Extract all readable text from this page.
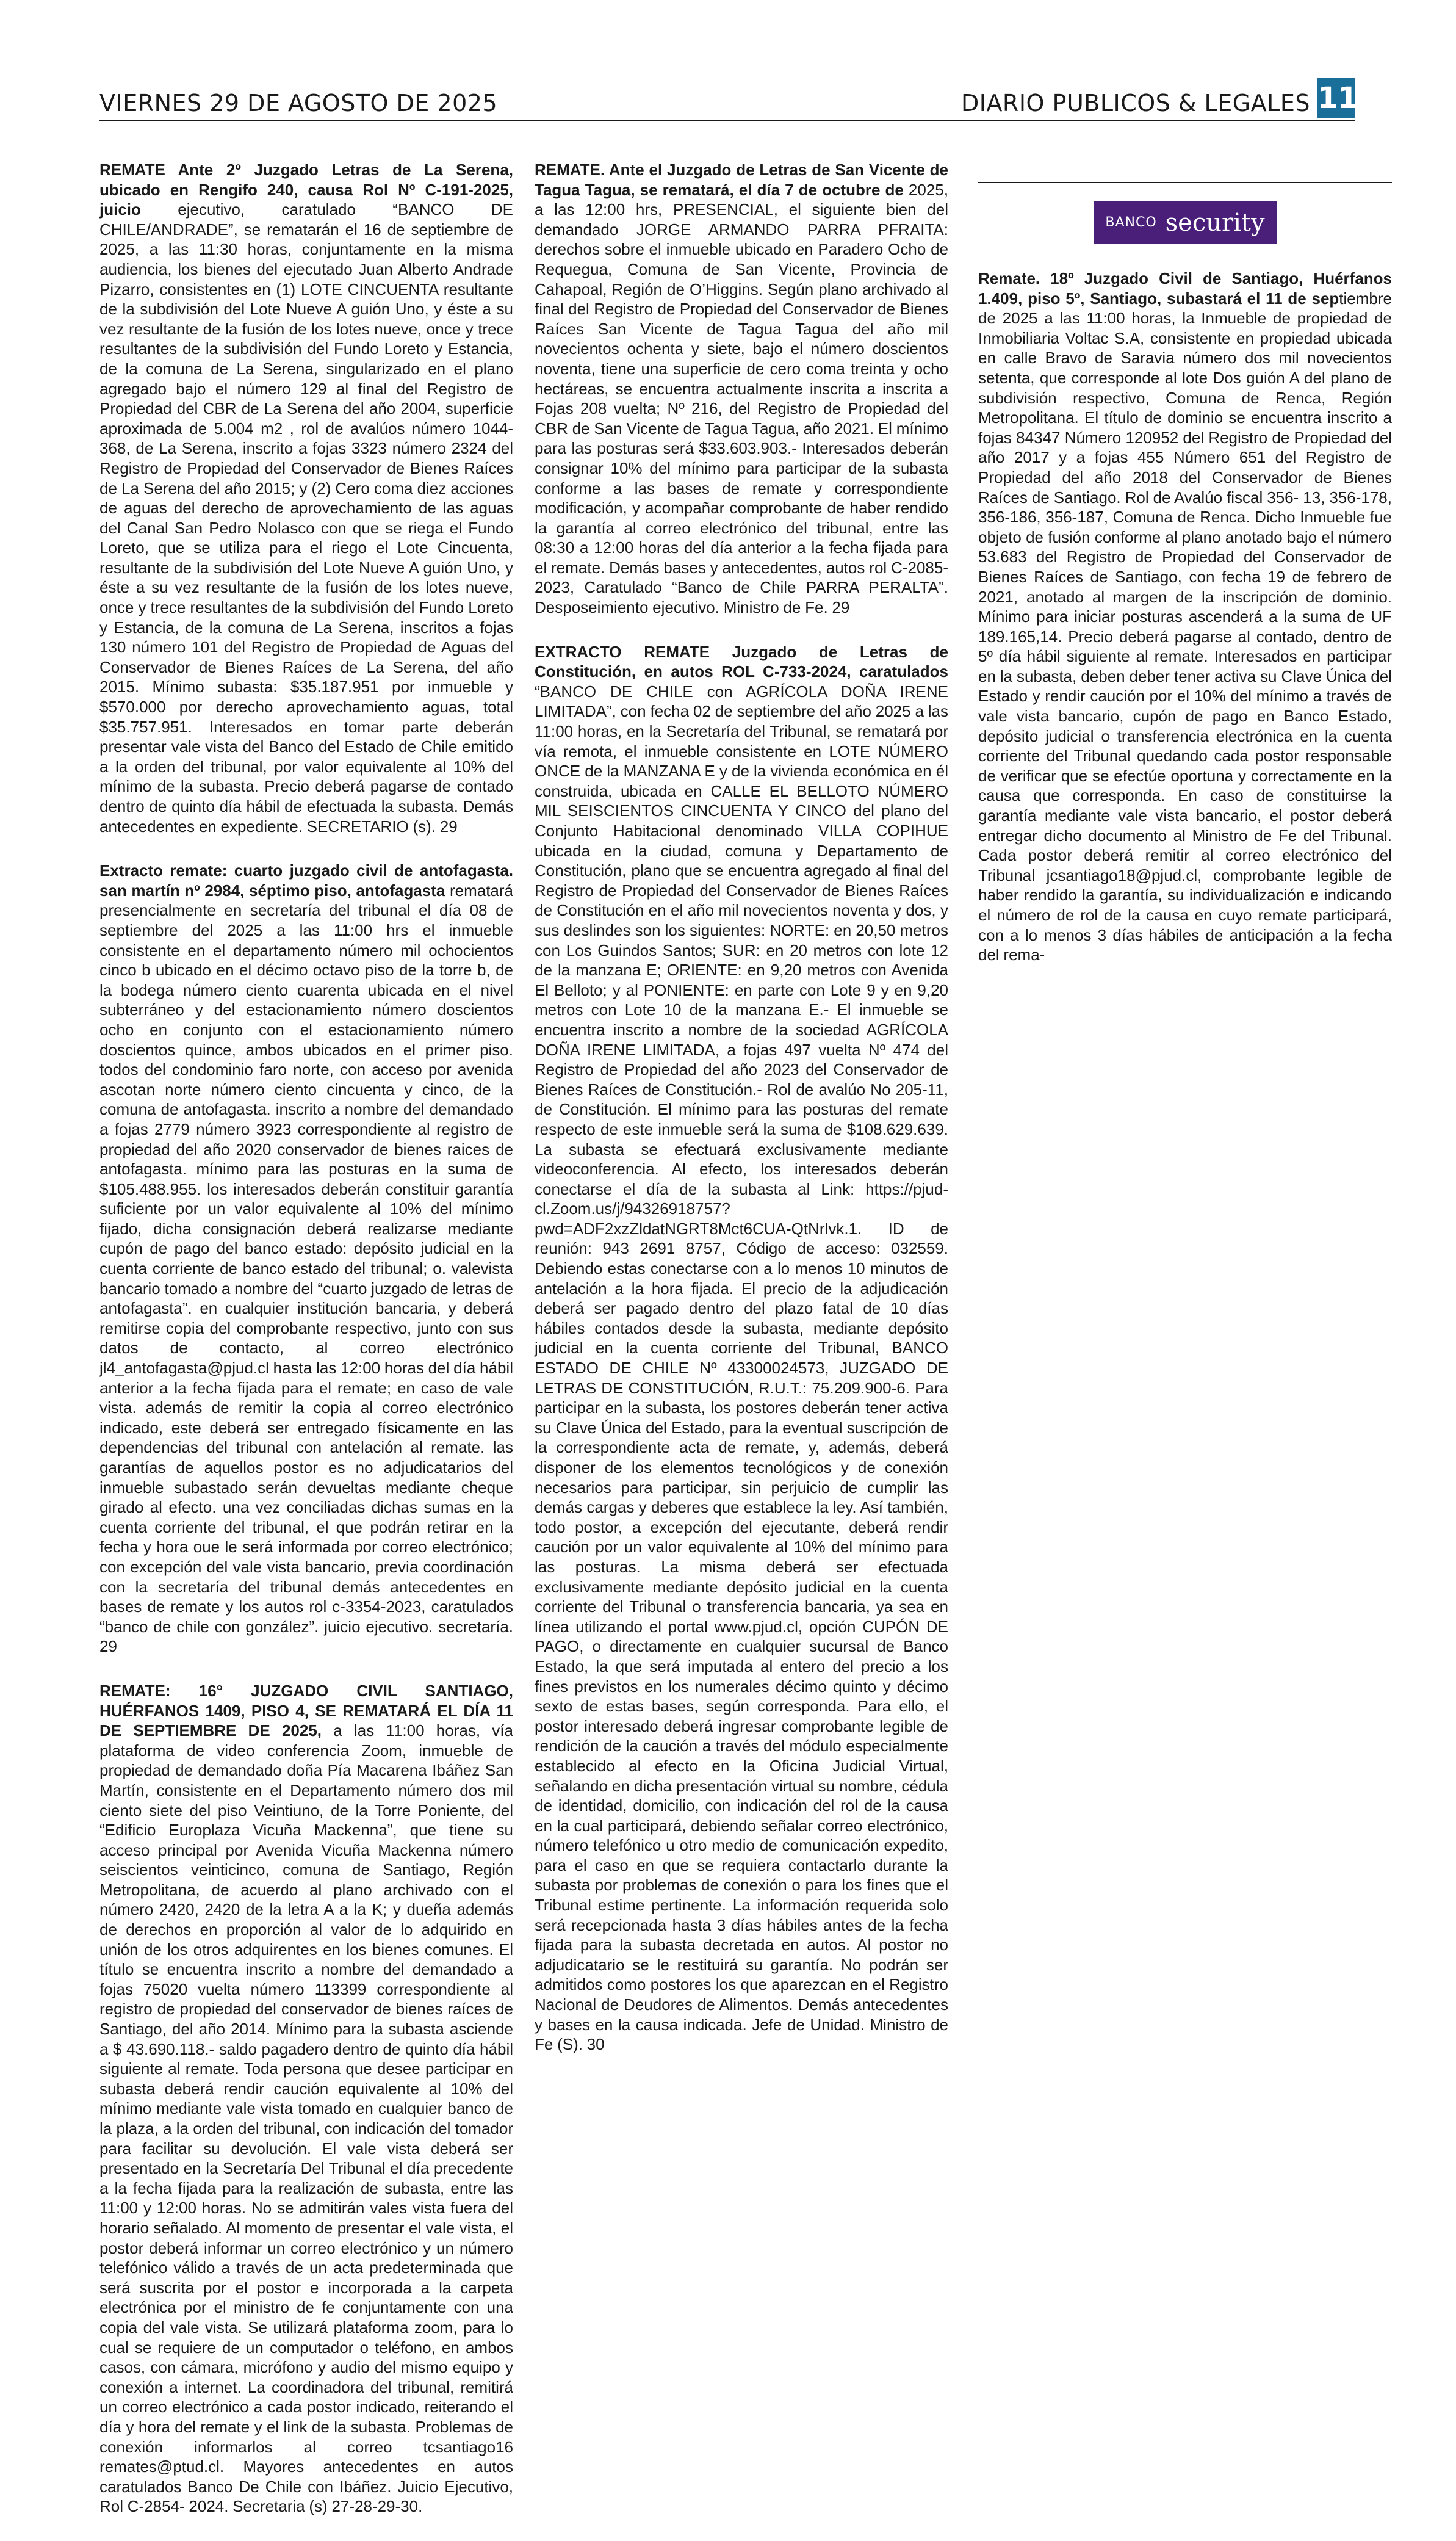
VIERNES 29 DE AGOSTO DE 2025	DIARIO PUBLICOS & LEGALES 11

REMATE Ante 2º Juzgado Letras de La Serena, ubicado en Rengifo 240, causa Rol Nº C-191-2025, juicio ejecutivo, caratulado “BANCO DE CHILE/ANDRADE”, se rematarán el 16 de septiembre de 2025, a las 11:30 horas, conjuntamente en la misma audiencia, los bienes del ejecutado Juan Alberto Andrade Pizarro, consistentes en (1) LOTE CINCUENTA resultante de la subdivisión del Lote Nueve A guión Uno, y éste a su vez resultante de la fusión de los lotes nueve, once y trece resultantes de la subdivisión del Fundo Loreto y Estancia, de la comuna de La Serena, singularizado en el plano agregado bajo el número 129 al final del Registro de Propiedad del CBR de La Serena del año 2004, superficie aproximada de 5.004 m2 , rol de avalúos número 1044-368, de La Serena, inscrito a fojas 3323 número 2324 del Registro de Propiedad del Conservador de Bienes Raíces de La Serena del año 2015; y (2) Cero coma diez acciones de aguas del derecho de aprovechamiento de las aguas del Canal San Pedro Nolasco con que se riega el Fundo Loreto, que se utiliza para el riego el Lote Cincuenta, resultante de la subdivisión del Lote Nueve A guión Uno, y éste a su vez resultante de la fusión de los lotes nueve, once y trece resultantes de la subdivisión del Fundo Loreto y Estancia, de la comuna de La Serena, inscritos a fojas 130 número 101 del Registro de Propiedad de Aguas del Conservador de Bienes Raíces de La Serena, del año 2015. Mínimo subasta: $35.187.951 por inmueble y $570.000 por derecho aprovechamiento aguas, total $35.757.951. Interesados en tomar parte deberán presentar vale vista del Banco del Estado de Chile emitido a la orden del tribunal, por valor equivalente al 10% del mínimo de la subasta. Precio deberá pagarse de contado dentro de quinto día hábil de efectuada la subasta. Demás antecedentes en expediente. SECRETARIO (s). 29

Extracto remate: cuarto juzgado civil de antofagasta. san martín nº 2984, séptimo piso, antofagasta rematará presencialmente en secretaría del tribunal el día 08 de septiembre del 2025 a las 11:00 hrs el inmueble consistente en el departamento número mil ochocientos cinco b ubicado en el décimo octavo piso de la torre b, de la bodega número ciento cuarenta ubicada en el nivel subterráneo y del estacionamiento número doscientos ocho en conjunto con el estacionamiento número doscientos quince, ambos ubicados en el primer piso. todos del condominio faro norte, con acceso por avenida ascotan norte número ciento cincuenta y cinco, de la comuna de antofagasta. inscrito a nombre del demandado a fojas 2779 número 3923 correspondiente al registro de propiedad del año 2020 conservador de bienes raices de antofagasta. mínimo para las posturas en la suma de $105.488.955. los interesados deberán constituir garantía suficiente por un valor equivalente al 10% del mínimo fijado, dicha consignación deberá realizarse mediante cupón de pago del banco estado: depósito judicial en la cuenta corriente de banco estado del tribunal; o. valevista bancario tomado a nombre del “cuarto juzgado de letras de antofagasta”. en cualquier institución bancaria, y deberá remitirse copia del comprobante respectivo, junto con sus datos de contacto, al correo electrónico jl4_antofagasta@pjud.cl hasta las 12:00 horas del día hábil anterior a la fecha fijada para el remate; en caso de vale vista. además de remitir la copia al correo electrónico indicado, este deberá ser entregado físicamente en las dependencias del tribunal con antelación al remate. las garantías de aquellos postor es no adjudicatarios del inmueble subastado serán devueltas mediante cheque girado al efecto. una vez conciliadas dichas sumas en la cuenta corriente del tribunal, el que podrán retirar en la fecha y hora oue le será informada por correo electrónico; con excepción del vale vista bancario, previa coordinación con la secretaría del tribunal demás antecedentes en bases de remate y los autos rol c-3354-2023, caratulados “banco de chile con gonzález”. juicio ejecutivo. secretaría. 29

REMATE: 16° JUZGADO CIVIL SANTIAGO, HUÉRFANOS 1409, PISO 4, SE REMATARÁ EL DÍA 11 DE SEPTIEMBRE DE 2025, a las 11:00 horas, vía plataforma de video conferencia Zoom, inmueble de propiedad de demandado doña Pía Macarena Ibáñez San Martín, consistente en el Departamento número dos mil ciento siete del piso Veintiuno, de la Torre Poniente, del “Edificio Europlaza Vicuña Mackenna”, que tiene su acceso principal por Avenida Vicuña Mackenna número seiscientos veinticinco, comuna de Santiago, Región Metropolitana, de acuerdo al plano archivado con el número 2420, 2420 de la letra A a la K; y dueña además de derechos en proporción al valor de lo adquirido en unión de los otros adquirentes en los bienes comunes. El título se encuentra inscrito a nombre del demandado a fojas 75020 vuelta número 113399 correspondiente al registro de propiedad del conservador de bienes raíces de Santiago, del año 2014. Mínimo para la subasta asciende a $ 43.690.118.- saldo pagadero dentro de quinto día hábil siguiente al remate. Toda persona que desee participar en subasta deberá rendir caución equivalente al 10% del mínimo mediante vale vista tomado en cualquier banco de la plaza, a la orden del tribunal, con indicación del tomador para facilitar su devolución. El vale vista deberá ser presentado en la Secretaría Del Tribunal el día precedente a la fecha fijada para la realización de subasta, entre las 11:00 y 12:00 horas. No se admitirán vales vista fuera del horario señalado. Al momento de presentar el vale vista, el postor deberá informar un correo electrónico y un número telefónico válido a través de un acta predeterminada que será suscrita por el postor e incorporada a la carpeta electrónica por el ministro de fe conjuntamente con una copia del vale vista. Se utilizará plataforma zoom, para lo cual se requiere de un computador o teléfono, en ambos casos, con cámara, micrófono y audio del mismo equipo y conexión a internet. La coordinadora del tribunal, remitirá un correo electrónico a cada postor indicado, reiterando el día y hora del remate y el link de la subasta. Problemas de conexión informarlos al correo tcsantiago16 remates@ptud.cl. Mayores antecedentes en autos caratulados Banco De Chile con Ibáñez. Juicio Ejecutivo, Rol C-2854- 2024. Secretaria (s) 27-28-29-30.

REMATE. Ante el Juzgado de Letras de San Vicente de Tagua Tagua, se rematará, el día 7 de octubre de 2025, a las 12:00 hrs, PRESENCIAL, el siguiente bien del demandado JORGE ARMANDO PARRA PFRAITA: derechos sobre el inmueble ubicado en Paradero Ocho de Requegua, Comuna de San Vicente, Provincia de Cahapoal, Región de O’Higgins. Según plano archivado al final del Registro de Propiedad del Conservador de Bienes Raíces San Vicente de Tagua Tagua del año mil novecientos ochenta y siete, bajo el número doscientos noventa, tiene una superficie de cero coma treinta y ocho hectáreas, se encuentra actualmente inscrita a inscrita a Fojas 208 vuelta; Nº 216, del Registro de Propiedad del CBR de San Vicente de Tagua Tagua, año 2021. El mínimo para las posturas será $33.603.903.- Interesados deberán consignar 10% del mínimo para participar de la subasta conforme a las bases de remate y correspondiente modificación, y acompañar comprobante de haber rendido la garantía al correo electrónico del tribunal, entre las 08:30 a 12:00 horas del día anterior a la fecha fijada para el remate. Demás bases y antecedentes, autos rol C-2085-2023, Caratulado “Banco de Chile PARRA PERALTA”. Desposeimiento ejecutivo. Ministro de Fe. 29

EXTRACTO REMATE Juzgado de Letras de Constitución, en autos ROL C-733-2024, caratulados “BANCO DE CHILE con AGRÍCOLA DOÑA IRENE LIMITADA”, con fecha 02 de septiembre del año 2025 a las 11:00 horas, en la Secretaría del Tribunal, se rematará por vía remota, el inmueble consistente en LOTE NÚMERO ONCE de la MANZANA E y de la vivienda económica en él construida, ubicada en CALLE EL BELLOTO NÚMERO MIL SEISCIENTOS CINCUENTA Y CINCO del plano del Conjunto Habitacional denominado VILLA COPIHUE ubicada en la ciudad, comuna y Departamento de Constitución, plano que se encuentra agregado al final del Registro de Propiedad del Conservador de Bienes Raíces de Constitución en el año mil novecientos noventa y dos, y sus deslindes son los siguientes: NORTE: en 20,50 metros con Los Guindos Santos; SUR: en 20 metros con lote 12 de la manzana E; ORIENTE: en 9,20 metros con Avenida El Belloto; y al PONIENTE: en parte con Lote 9 y en 9,20 metros con Lote 10 de la manzana E.- El inmueble se encuentra inscrito a nombre de la sociedad AGRÍCOLA DOÑA IRENE LIMITADA, a fojas 497 vuelta Nº 474 del Registro de Propiedad del año 2023 del Conservador de Bienes Raíces de Constitución.- Rol de avalúo No 205-11, de Constitución. El mínimo para las posturas del remate respecto de este inmueble será la suma de $108.629.639. La subasta se efectuará exclusivamente mediante videoconferencia. Al efecto, los interesados deberán conectarse el día de la subasta al Link: https://pjud-cl.Zoom.us/j/94326918757?pwd=ADF2xzZldatNGRT8Mct6CUA-QtNrlvk.1. ID de reunión: 943 2691 8757, Código de acceso: 032559. Debiendo estas conectarse con a lo menos 10 minutos de antelación a la hora fijada. El precio de la adjudicación deberá ser pagado dentro del plazo fatal de 10 días hábiles contados desde la subasta, mediante depósito judicial en la cuenta corriente del Tribunal, BANCO ESTADO DE CHILE Nº 43300024573, JUZGADO DE LETRAS DE CONSTITUCIÓN, R.U.T.: 75.209.900-6. Para participar en la subasta, los postores deberán tener activa su Clave Única del Estado, para la eventual suscripción de la correspondiente acta de remate, y, además, deberá disponer de los elementos tecnológicos y de conexión necesarios para participar, sin perjuicio de cumplir las demás cargas y deberes que establece la ley. Así también, todo postor, a excepción del ejecutante, deberá rendir caución por un valor equivalente al 10% del mínimo para las posturas. La misma deberá ser efectuada exclusivamente mediante depósito judicial en la cuenta corriente del Tribunal o transferencia bancaria, ya sea en línea utilizando el portal www.pjud.cl, opción CUPÓN DE PAGO, o directamente en cualquier sucursal de Banco Estado, la que será imputada al entero del precio a los fines previstos en los numerales décimo quinto y décimo sexto de estas bases, según corresponda. Para ello, el postor interesado deberá ingresar comprobante legible de rendición de la caución a través del módulo especialmente establecido al efecto en la Oficina Judicial Virtual, señalando en dicha presentación virtual su nombre, cédula de identidad, domicilio, con indicación del rol de la causa en la cual participará, debiendo señalar correo electrónico, número telefónico u otro medio de comunicación expedito, para el caso en que se requiera contactarlo durante la subasta por problemas de conexión o para los fines que el Tribunal estime pertinente. La información requerida solo será recepcionada hasta 3 días hábiles antes de la fecha fijada para la subasta decretada en autos. Al postor no adjudicatario se le restituirá su garantía. No podrán ser admitidos como postores los que aparezcan en el Registro Nacional de Deudores de Alimentos. Demás antecedentes y bases en la causa indicada. Jefe de Unidad. Ministro de Fe (S). 30

BANCO security

Remate. 18º Juzgado Civil de Santiago, Huérfanos 1.409, piso 5º, Santiago, subastará el 11 de septiembre de 2025 a las 11:00 horas, la Inmueble de propiedad de Inmobiliaria Voltac S.A, consistente en propiedad ubicada en calle Bravo de Saravia número dos mil novecientos setenta, que corresponde al lote Dos guión A del plano de subdivisión respectivo, Comuna de Renca, Región Metropolitana. El título de dominio se encuentra inscrito a fojas 84347 Número 120952 del Registro de Propiedad del año 2017 y a fojas 455 Número 651 del Registro de Propiedad del año 2018 del Conservador de Bienes Raíces de Santiago. Rol de Avalúo fiscal 356- 13, 356-178, 356-186, 356-187, Comuna de Renca. Dicho Inmueble fue objeto de fusión conforme al plano anotado bajo el número 53.683 del Registro de Propiedad del Conservador de Bienes Raíces de Santiago, con fecha 19 de febrero de 2021, anotado al margen de la inscripción de dominio. Mínimo para iniciar posturas ascenderá a la suma de UF 189.165,14. Precio deberá pagarse al contado, dentro de 5º día hábil siguiente al remate. Interesados en participar en la subasta, deben deber tener activa su Clave Única del Estado y rendir caución por el 10% del mínimo a través de vale vista bancario, cupón de pago en Banco Estado, depósito judicial o transferencia electrónica en la cuenta corriente del Tribunal quedando cada postor responsable de verificar que se efectúe oportuna y correctamente en la causa que corresponda. En caso de constituirse la garantía mediante vale vista bancario, el postor deberá entregar dicho documento al Ministro de Fe del Tribunal. Cada postor deberá remitir al correo electrónico del Tribunal jcsantiago18@pjud.cl, comprobante legible de haber rendido la garantía, su individualización e indicando el número de rol de la causa en cuyo remate participará, con a lo menos 3 días hábiles de anticipación a la fecha del rema-
